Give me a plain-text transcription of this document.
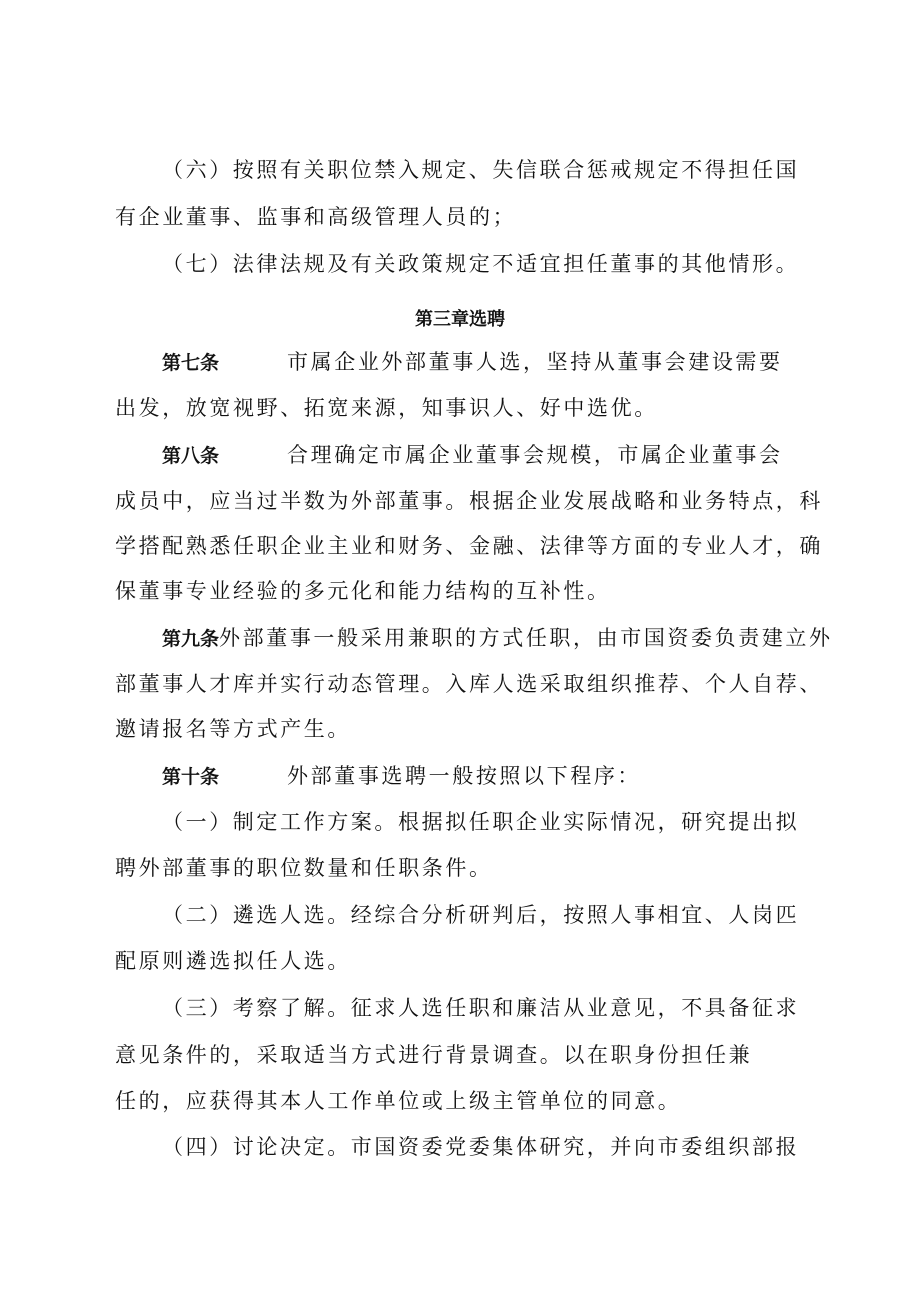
（六）按照有关职位禁入规定、失信联合惩戒规定不得担任国
有企业董事、监事和高级管理人员的；
（七）法律法规及有关政策规定不适宜担任董事的其他情形。
第三章选聘
第七条	市属企业外部董事人选，坚持从董事会建设需要
出发，放宽视野、拓宽来源，知事识人、好中选优。
第八条	合理确定市属企业董事会规模，市属企业董事会
成员中，应当过半数为外部董事。根据企业发展战略和业务特点，科
学搭配熟悉任职企业主业和财务、金融、法律等方面的专业人才，确
保董事专业经验的多元化和能力结构的互补性。
第九条外部董事一般采用兼职的方式任职，由市国资委负责建立外
部董事人才库并实行动态管理。入库人选采取组织推荐、个人自荐、
邀请报名等方式产生。
第十条	外部董事选聘一般按照以下程序：
（一）制定工作方案。根据拟任职企业实际情况，研究提出拟
聘外部董事的职位数量和任职条件。
（二）遴选人选。经综合分析研判后，按照人事相宜、人岗匹
配原则遴选拟任人选。
（三）考察了解。征求人选任职和廉洁从业意见，不具备征求
意见条件的，采取适当方式进行背景调查。以在职身份担任兼
任的，应获得其本人工作单位或上级主管单位的同意。
（四）讨论决定。市国资委党委集体研究，并向市委组织部报
